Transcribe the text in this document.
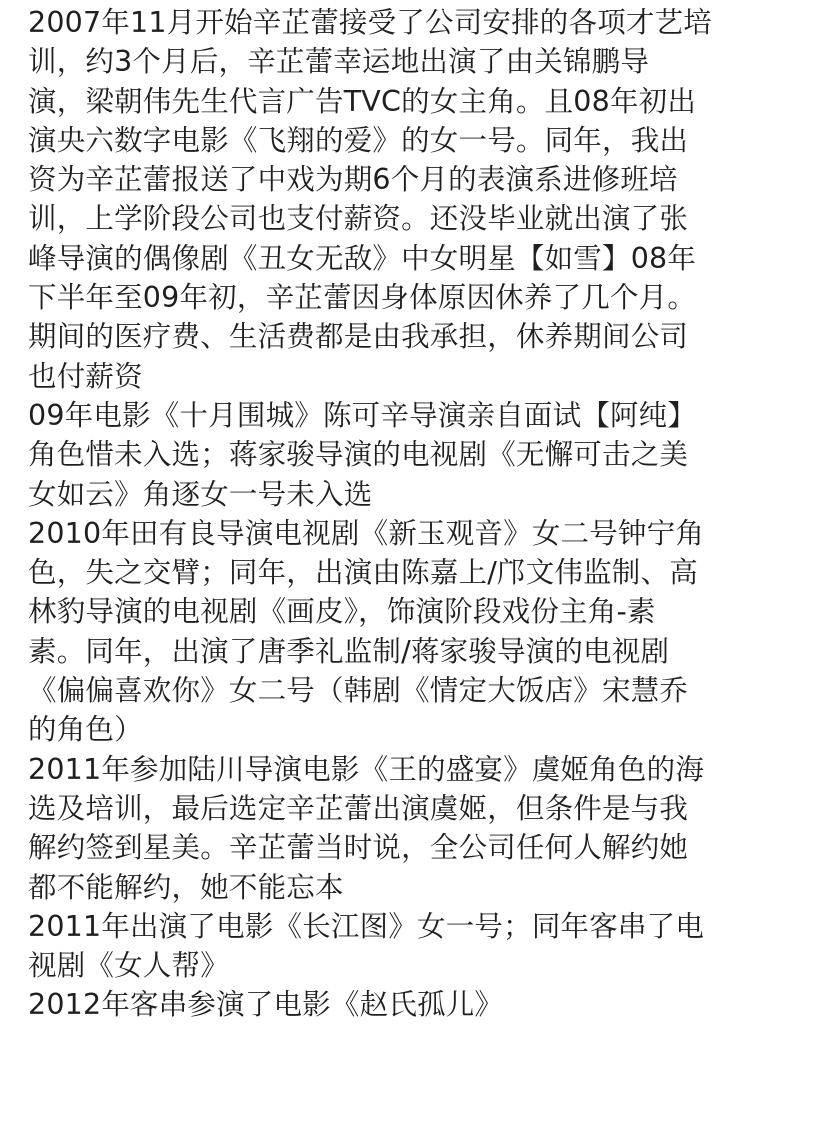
2007年11月开始辛芷蕾接受了公司安排的各项才艺培
训，约3个月后，辛芷蕾幸运地出演了由关锦鹏导
演，梁朝伟先生代言广告TVC的女主角。且08年初出
演央六数字电影《飞翔的爱》的女一号。同年，我出
资为辛芷蕾报送了中戏为期6个月的表演系进修班培
训，上学阶段公司也支付薪资。还没毕业就出演了张
峰导演的偶像剧《丑女无敌》中女明星【如雪】08年
下半年至09年初，辛芷蕾因身体原因休养了几个月。
期间的医疗费、生活费都是由我承担，休养期间公司
也付薪资
09年电影《十月围城》陈可辛导演亲自面试【阿纯】
角色惜未入选；蒋家骏导演的电视剧《无懈可击之美
女如云》角逐女一号未入选
2010年田有良导演电视剧《新玉观音》女二号钟宁角
色，失之交臂；同年，出演由陈嘉上/邝文伟监制、高
林豹导演的电视剧《画皮》，饰演阶段戏份主角-素
素。同年，出演了唐季礼监制/蒋家骏导演的电视剧
《偏偏喜欢你》女二号（韩剧《情定大饭店》宋慧乔
的角色）
2011年参加陆川导演电影《王的盛宴》虞姬角色的海
选及培训，最后选定辛芷蕾出演虞姬，但条件是与我
解约签到星美。辛芷蕾当时说，全公司任何人解约她
都不能解约，她不能忘本
2011年出演了电影《长江图》女一号；同年客串了电
视剧《女人帮》
2012年客串参演了电影《赵氏孤儿》
